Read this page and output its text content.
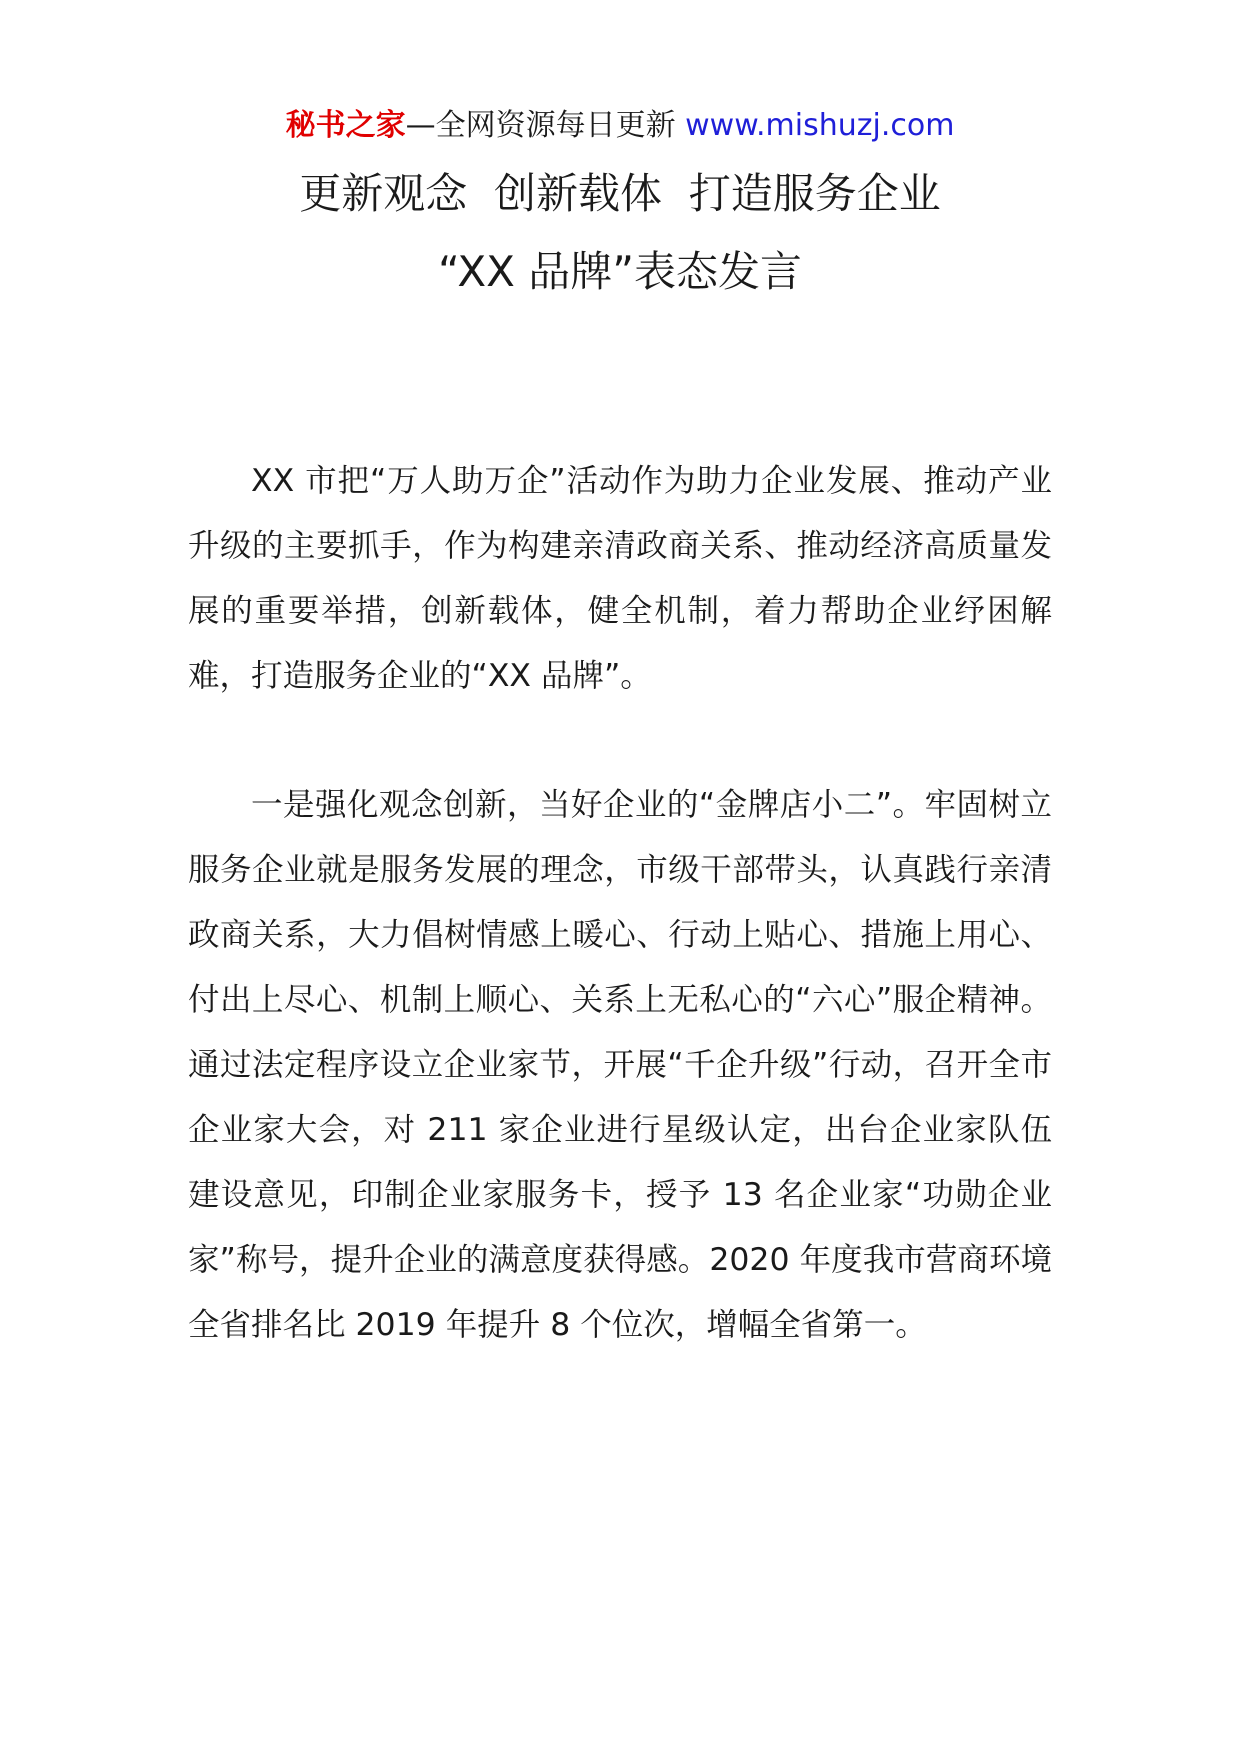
秘书之家—全网资源每日更新 www.mishuzj.com
更新观念  创新载体  打造服务企业
“XX 品牌”表态发言

XX 市把“万人助万企”活动作为助力企业发展、推动产业升级的主要抓手，作为构建亲清政商关系、推动经济高质量发展的重要举措，创新载体，健全机制，着力帮助企业纾困解难，打造服务企业的“XX 品牌”。

一是强化观念创新，当好企业的“金牌店小二”。牢固树立服务企业就是服务发展的理念，市级干部带头，认真践行亲清政商关系，大力倡树情感上暖心、行动上贴心、措施上用心、付出上尽心、机制上顺心、关系上无私心的“六心”服企精神。通过法定程序设立企业家节，开展“千企升级”行动，召开全市企业家大会，对 211 家企业进行星级认定，出台企业家队伍建设意见，印制企业家服务卡，授予 13 名企业家“功勋企业家”称号，提升企业的满意度获得感。2020 年度我市营商环境全省排名比 2019 年提升 8 个位次，增幅全省第一。
